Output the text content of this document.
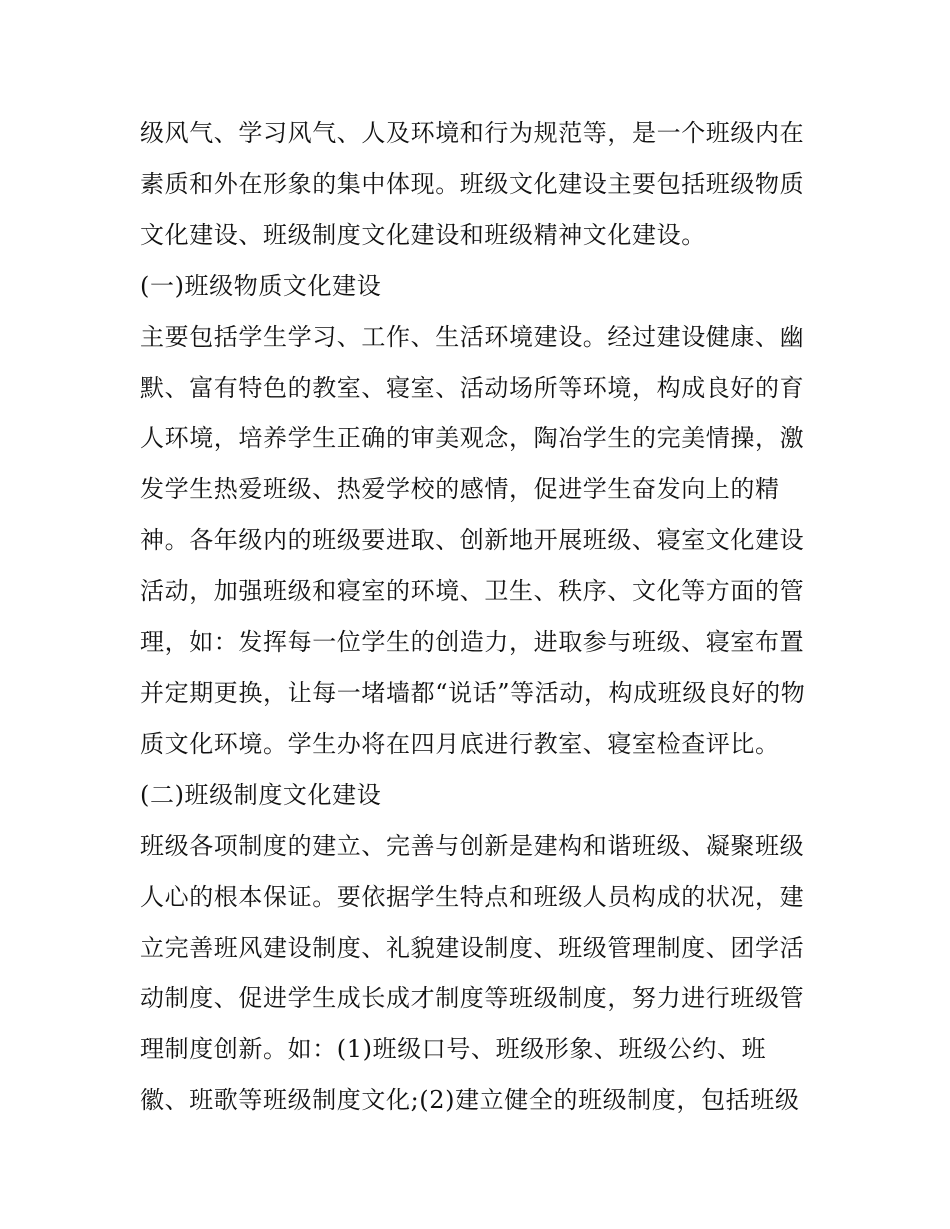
级风气、学习风气、人及环境和行为规范等，是一个班级内在
素质和外在形象的集中体现。班级文化建设主要包括班级物质
文化建设、班级制度文化建设和班级精神文化建设。
(一)班级物质文化建设
主要包括学生学习、工作、生活环境建设。经过建设健康、幽
默、富有特色的教室、寝室、活动场所等环境，构成良好的育
人环境，培养学生正确的审美观念，陶冶学生的完美情操，激
发学生热爱班级、热爱学校的感情，促进学生奋发向上的精
神。各年级内的班级要进取、创新地开展班级、寝室文化建设
活动，加强班级和寝室的环境、卫生、秩序、文化等方面的管
理，如：发挥每一位学生的创造力，进取参与班级、寝室布置
并定期更换，让每一堵墙都“说话”等活动，构成班级良好的物
质文化环境。学生办将在四月底进行教室、寝室检查评比。
(二)班级制度文化建设
班级各项制度的建立、完善与创新是建构和谐班级、凝聚班级
人心的根本保证。要依据学生特点和班级人员构成的状况，建
立完善班风建设制度、礼貌建设制度、班级管理制度、团学活
动制度、促进学生成长成才制度等班级制度，努力进行班级管
理制度创新。如：(1)班级口号、班级形象、班级公约、班
徽、班歌等班级制度文化;(2)建立健全的班级制度，包括班级
